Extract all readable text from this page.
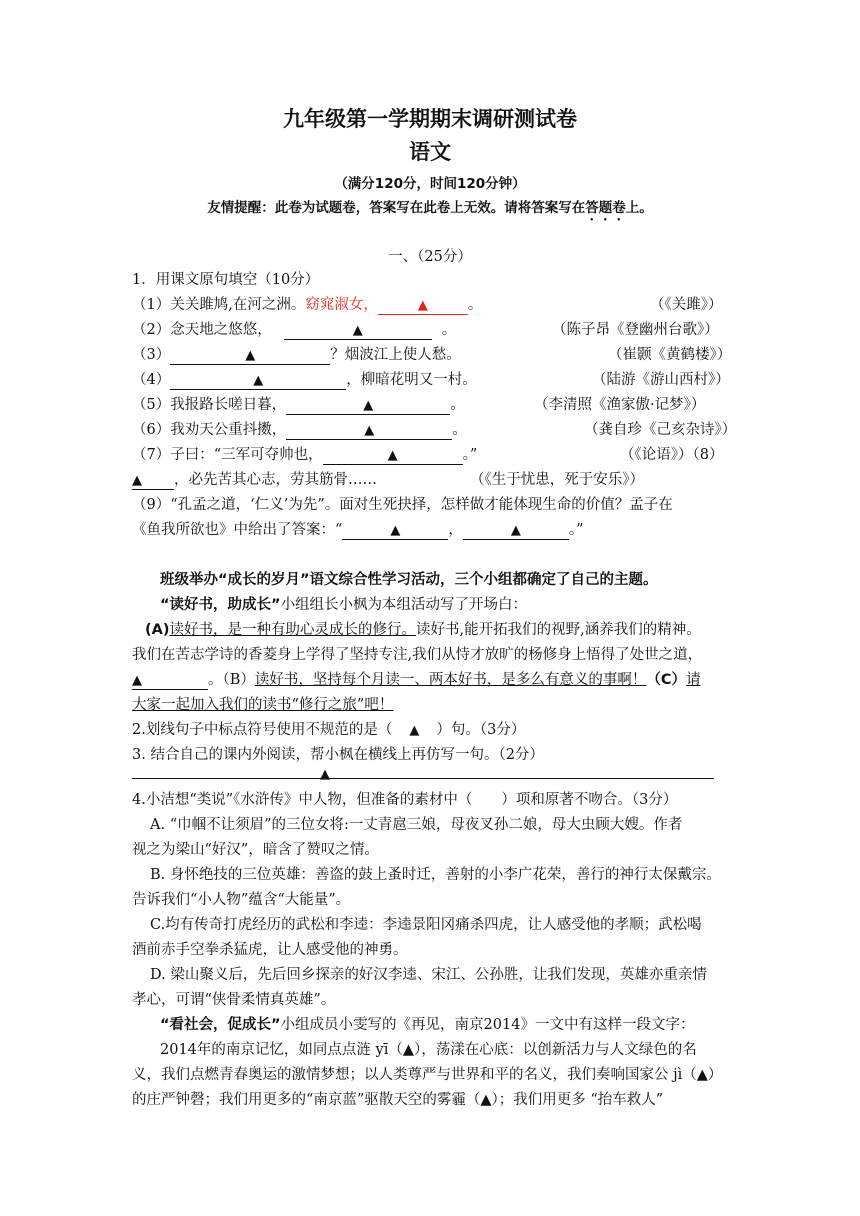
九年级第一学期期末调研测试卷
语文
（满分120分，时间120分钟）
友情提醒：此卷为试题卷，答案写在此卷上无效。请将答案写在答题卷上。
一、（25分）
1．用课文原句填空（10分）
（1）关关雎鸠,在河之洲。窈窕淑女，	▲	。	（《关雎》）
（2）念天地之悠悠，	▲	。	（陈子昂《登幽州台歌》）
（3）	▲	？烟波江上使人愁。	（崔颢《黄鹤楼》）
（4）	▲	，柳暗花明又一村。	（陆游《游山西村》）
（5）我报路长嗟日暮，	▲	。	（李清照《渔家傲·记梦》）
（6）我劝天公重抖擞，	▲	。	（龚自珍《己亥杂诗》）
（7）子曰：“三军可夺帅也，	▲	。”	（《论语》）（8）
▲ ，必先苦其心志，劳其筋骨……	（《生于忧患，死于安乐》）
（9）“孔孟之道，‘仁义’为先”。面对生死抉择，怎样做才能体现生命的价值？孟子在
《鱼我所欲也》中给出了答案：“	▲	，	▲	。”
班级举办“成长的岁月”语文综合性学习活动，三个小组都确定了自己的主题。
“读好书，助成长”小组组长小枫为本组活动写了开场白：
(A)读好书，是一种有助心灵成长的修行。读好书,能开拓我们的视野,涵养我们的精神。
我们在苦志学诗的香菱身上学得了坚持专注,我们从恃才放旷的杨修身上悟得了处世之道，
▲	。（B）读好书，坚持每个月读一、两本好书，是多么有意义的事啊！（C）请
大家一起加入我们的读书“修行之旅”吧！
2.划线句子中标点符号使用不规范的是（ ▲ ）句。（3分）
3. 结合自己的课内外阅读，帮小枫在横线上再仿写一句。（2分）
▲
4.小洁想“类说”《水浒传》中人物，但准备的素材中（　　）项和原著不吻合。（3分）
A. “巾帼不让须眉”的三位女将:一丈青扈三娘，母夜叉孙二娘，母大虫顾大嫂。作者
视之为梁山“好汉”，暗含了赞叹之情。
B. 身怀绝技的三位英雄：善盗的鼓上蚤时迁，善射的小李广花荣，善行的神行太保戴宗。
告诉我们“小人物”蕴含“大能量”。
C.均有传奇打虎经历的武松和李逵：李逵景阳冈痛杀四虎，让人感受他的孝顺；武松喝
酒前赤手空拳杀猛虎，让人感受他的神勇。
D. 梁山聚义后，先后回乡探亲的好汉李逵、宋江、公孙胜，让我们发现，英雄亦重亲情
孝心，可谓“侠骨柔情真英雄”。
“看社会，促成长”小组成员小雯写的《再见，南京2014》一文中有这样一段文字：
2014年的南京记忆，如同点点涟 yī（▲），荡漾在心底：以创新活力与人文绿色的名
义，我们点燃青春奥运的激情梦想；以人类尊严与世界和平的名义，我们奏响国家公 jì（▲）
的庄严钟磬；我们用更多的“南京蓝”驱散天空的雾霾（▲）；我们用更多 “抬车救人”
